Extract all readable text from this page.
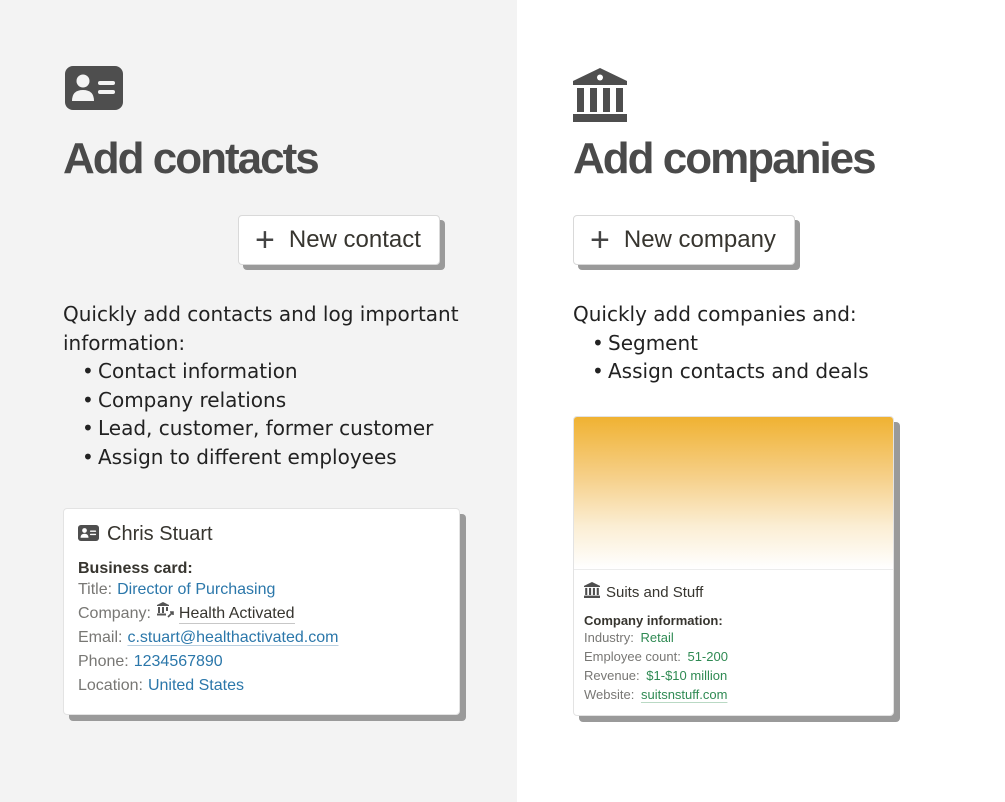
Add contacts
+ New contact
Quickly add contacts and log important information:
• Contact information
• Company relations
• Lead, customer, former customer
• Assign to different employees
Add companies
+ New company
Quickly add companies and:
• Segment
• Assign contacts and deals
Chris Stuart
Business card:
Title: Director of Purchasing
Company: Health Activated
Email: c.stuart@healthactivated.com
Phone: 1234567890
Location: United States
Suits and Stuff
Company information:
Industry: Retail
Employee count: 51-200
Revenue: $1-$10 million
Website: suitsnstuff.com
